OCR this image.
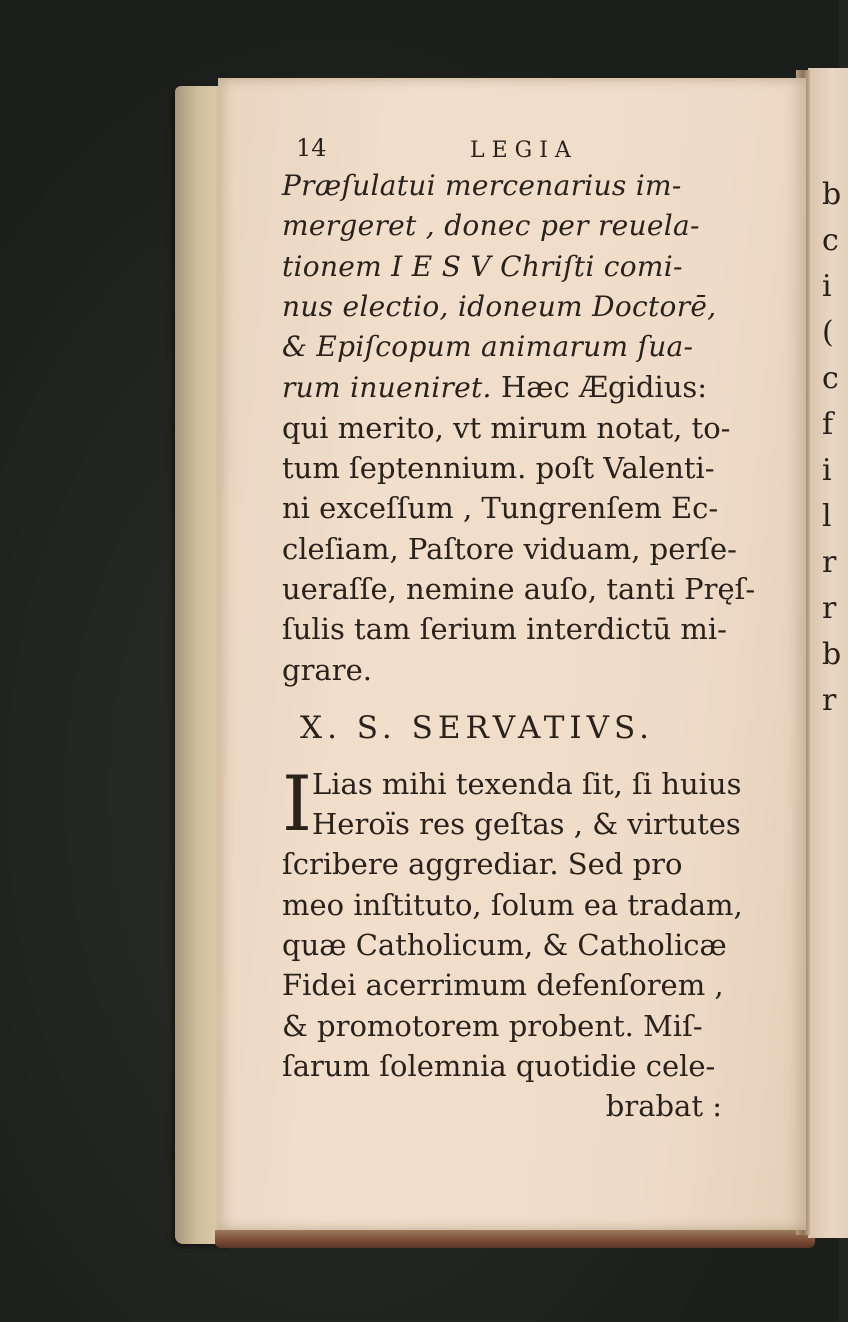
b
c
i
(
c
f
i
l
r
r
b
r
14	LEGIA
Præſulatui mercenarius im-
mergeret , donec per reuela-
tionem I E S V Chriſti comi-
nus electio, idoneum Doctorē,
& Epiſcopum animarum ſua-
rum inueniret. Hæc Ægidius:
qui merito, vt mirum notat, to-
tum ſeptennium. poſt Valenti-
ni exceſſum , Tungrenſem Ec-
cleſiam, Paſtore viduam, perſe-
ueraſſe, nemine auſo, tanti Pręſ-
ſulis tam ſerium interdictū mi-
grare.
X. S. SERVATIVS.
I Lias mihi texenda ſit, ſi huius
Heroïs res geſtas , & virtutes
ſcribere aggrediar. Sed pro
meo inſtituto, ſolum ea tradam,
quæ Catholicum, & Catholicæ
Fidei acerrimum defenſorem ,
& promotorem probent. Miſ-
ſarum ſolemnia quotidie cele-
brabat :
